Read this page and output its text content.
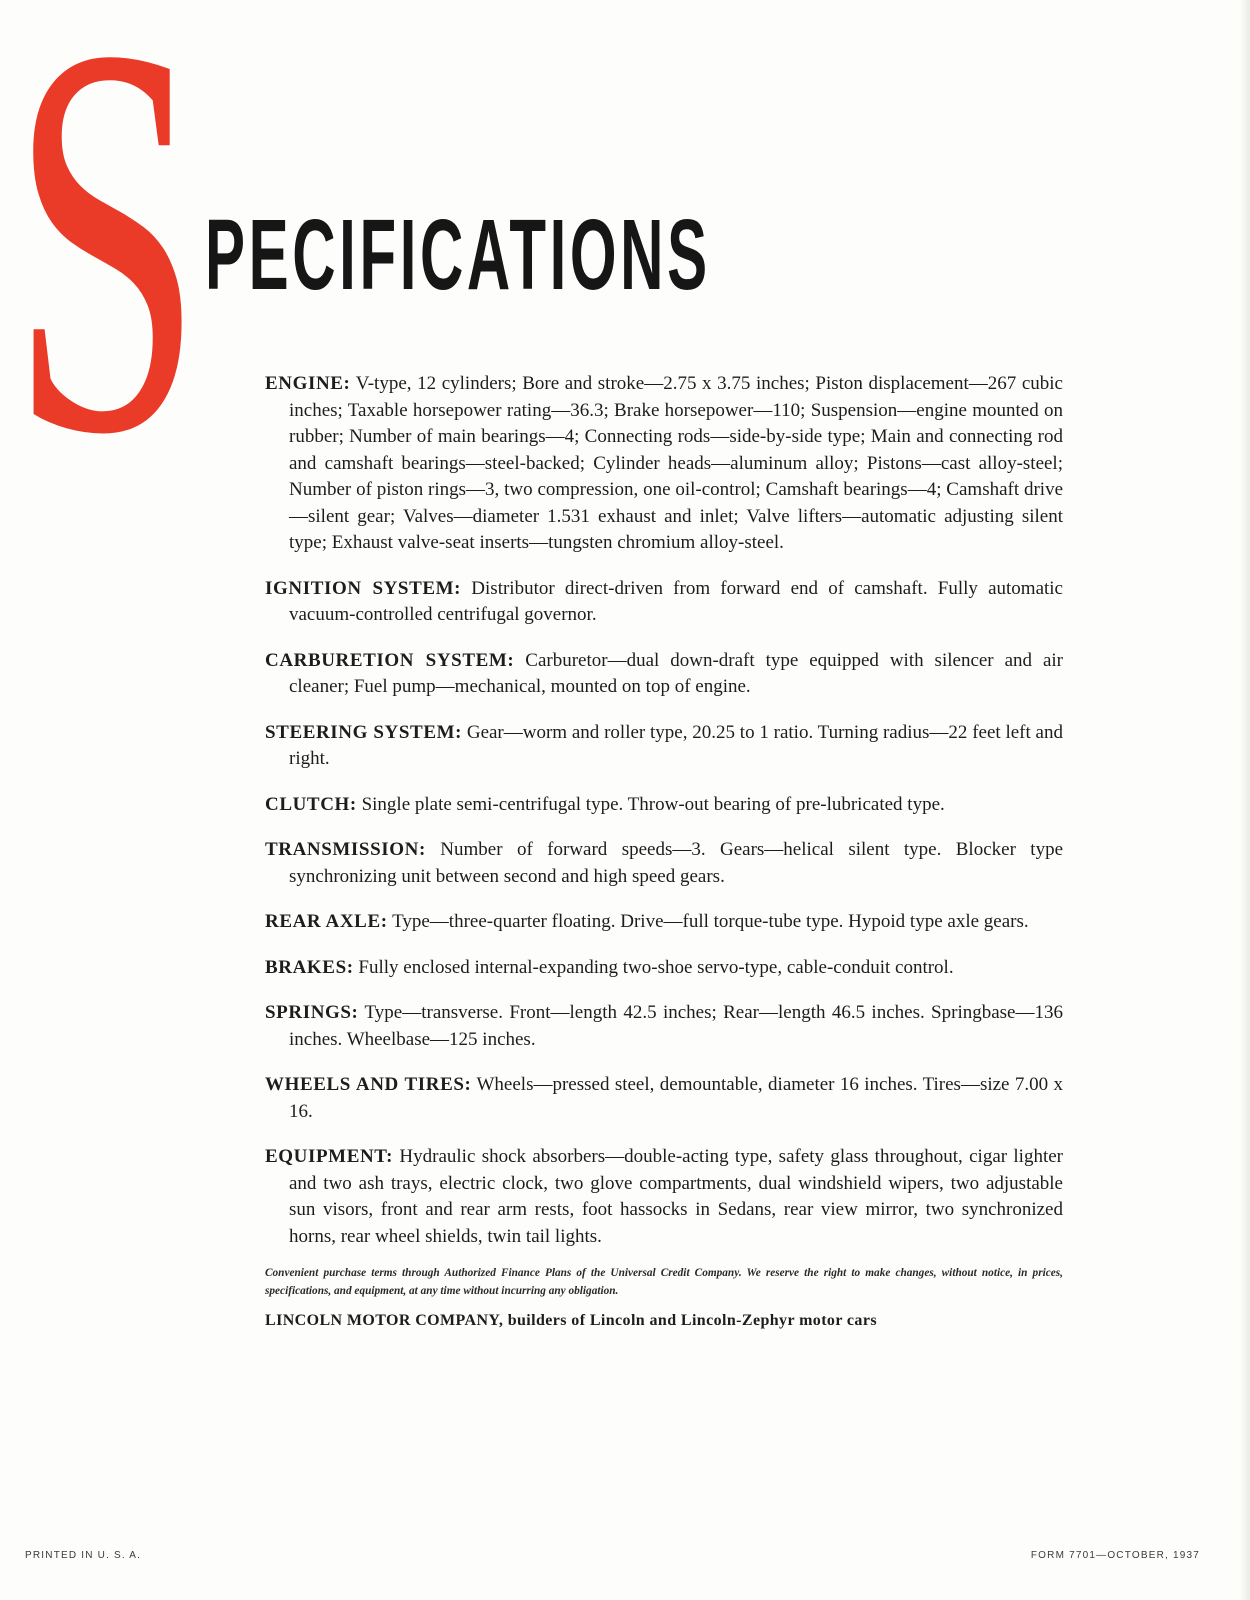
S PECIFICATIONS

ENGINE: V-type, 12 cylinders; Bore and stroke—2.75 x 3.75 inches; Piston displacement—267 cubic inches; Taxable horsepower rating—36.3; Brake horsepower—110; Suspension—engine mounted on rubber; Number of main bearings—4; Connecting rods—side-by-side type; Main and connecting rod and camshaft bearings—steel-backed; Cylinder heads—aluminum alloy; Pistons—cast alloy-steel; Number of piston rings—3, two compression, one oil-control; Camshaft bearings—4; Camshaft drive—silent gear; Valves—diameter 1.531 exhaust and inlet; Valve lifters—automatic adjusting silent type; Exhaust valve-seat inserts—tungsten chromium alloy-steel.

IGNITION SYSTEM: Distributor direct-driven from forward end of camshaft. Fully automatic vacuum-controlled centrifugal governor.

CARBURETION SYSTEM: Carburetor—dual down-draft type equipped with silencer and air cleaner; Fuel pump—mechanical, mounted on top of engine.

STEERING SYSTEM: Gear—worm and roller type, 20.25 to 1 ratio. Turning radius—22 feet left and right.

CLUTCH: Single plate semi-centrifugal type. Throw-out bearing of pre-lubricated type.

TRANSMISSION: Number of forward speeds—3. Gears—helical silent type. Blocker type synchronizing unit between second and high speed gears.

REAR AXLE: Type—three-quarter floating. Drive—full torque-tube type. Hypoid type axle gears.

BRAKES: Fully enclosed internal-expanding two-shoe servo-type, cable-conduit control.

SPRINGS: Type—transverse. Front—length 42.5 inches; Rear—length 46.5 inches. Springbase—136 inches. Wheelbase—125 inches.

WHEELS AND TIRES: Wheels—pressed steel, demountable, diameter 16 inches. Tires—size 7.00 x 16.

EQUIPMENT: Hydraulic shock absorbers—double-acting type, safety glass throughout, cigar lighter and two ash trays, electric clock, two glove compartments, dual windshield wipers, two adjustable sun visors, front and rear arm rests, foot hassocks in Sedans, rear view mirror, two synchronized horns, rear wheel shields, twin tail lights.

Convenient purchase terms through Authorized Finance Plans of the Universal Credit Company. We reserve the right to make changes, without notice, in prices, specifications, and equipment, at any time without incurring any obligation.
LINCOLN MOTOR COMPANY, builders of Lincoln and Lincoln-Zephyr motor cars
PRINTED IN U. S. A.	FORM 7701—OCTOBER, 1937
